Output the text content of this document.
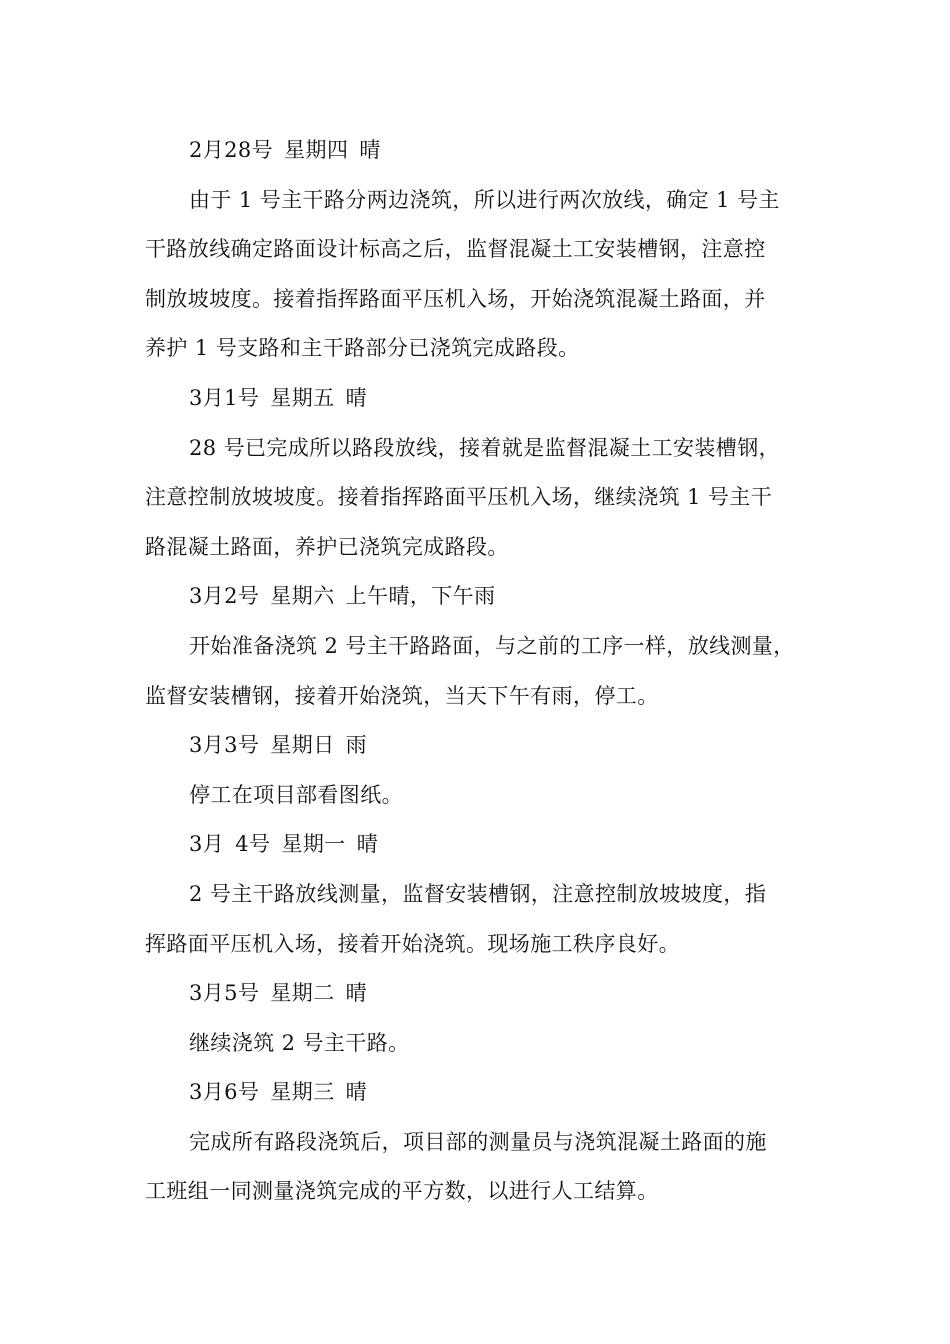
2月28号 星期四 晴
由于 1 号主干路分两边浇筑，所以进行两次放线，确定 1 号主
干路放线确定路面设计标高之后，监督混凝土工安装槽钢，注意控
制放坡坡度。接着指挥路面平压机入场，开始浇筑混凝土路面，并
养护 1 号支路和主干路部分已浇筑完成路段。
3月1号 星期五 晴
28 号已完成所以路段放线，接着就是监督混凝土工安装槽钢，
注意控制放坡坡度。接着指挥路面平压机入场，继续浇筑 1 号主干
路混凝土路面，养护已浇筑完成路段。
3月2号 星期六 上午晴，下午雨
开始准备浇筑 2 号主干路路面，与之前的工序一样，放线测量，
监督安装槽钢，接着开始浇筑，当天下午有雨，停工。
3月3号 星期日 雨
停工在项目部看图纸。
3月 4号 星期一 晴
2 号主干路放线测量，监督安装槽钢，注意控制放坡坡度，指
挥路面平压机入场，接着开始浇筑。现场施工秩序良好。
3月5号 星期二 晴
继续浇筑 2 号主干路。
3月6号 星期三 晴
完成所有路段浇筑后，项目部的测量员与浇筑混凝土路面的施
工班组一同测量浇筑完成的平方数，以进行人工结算。
